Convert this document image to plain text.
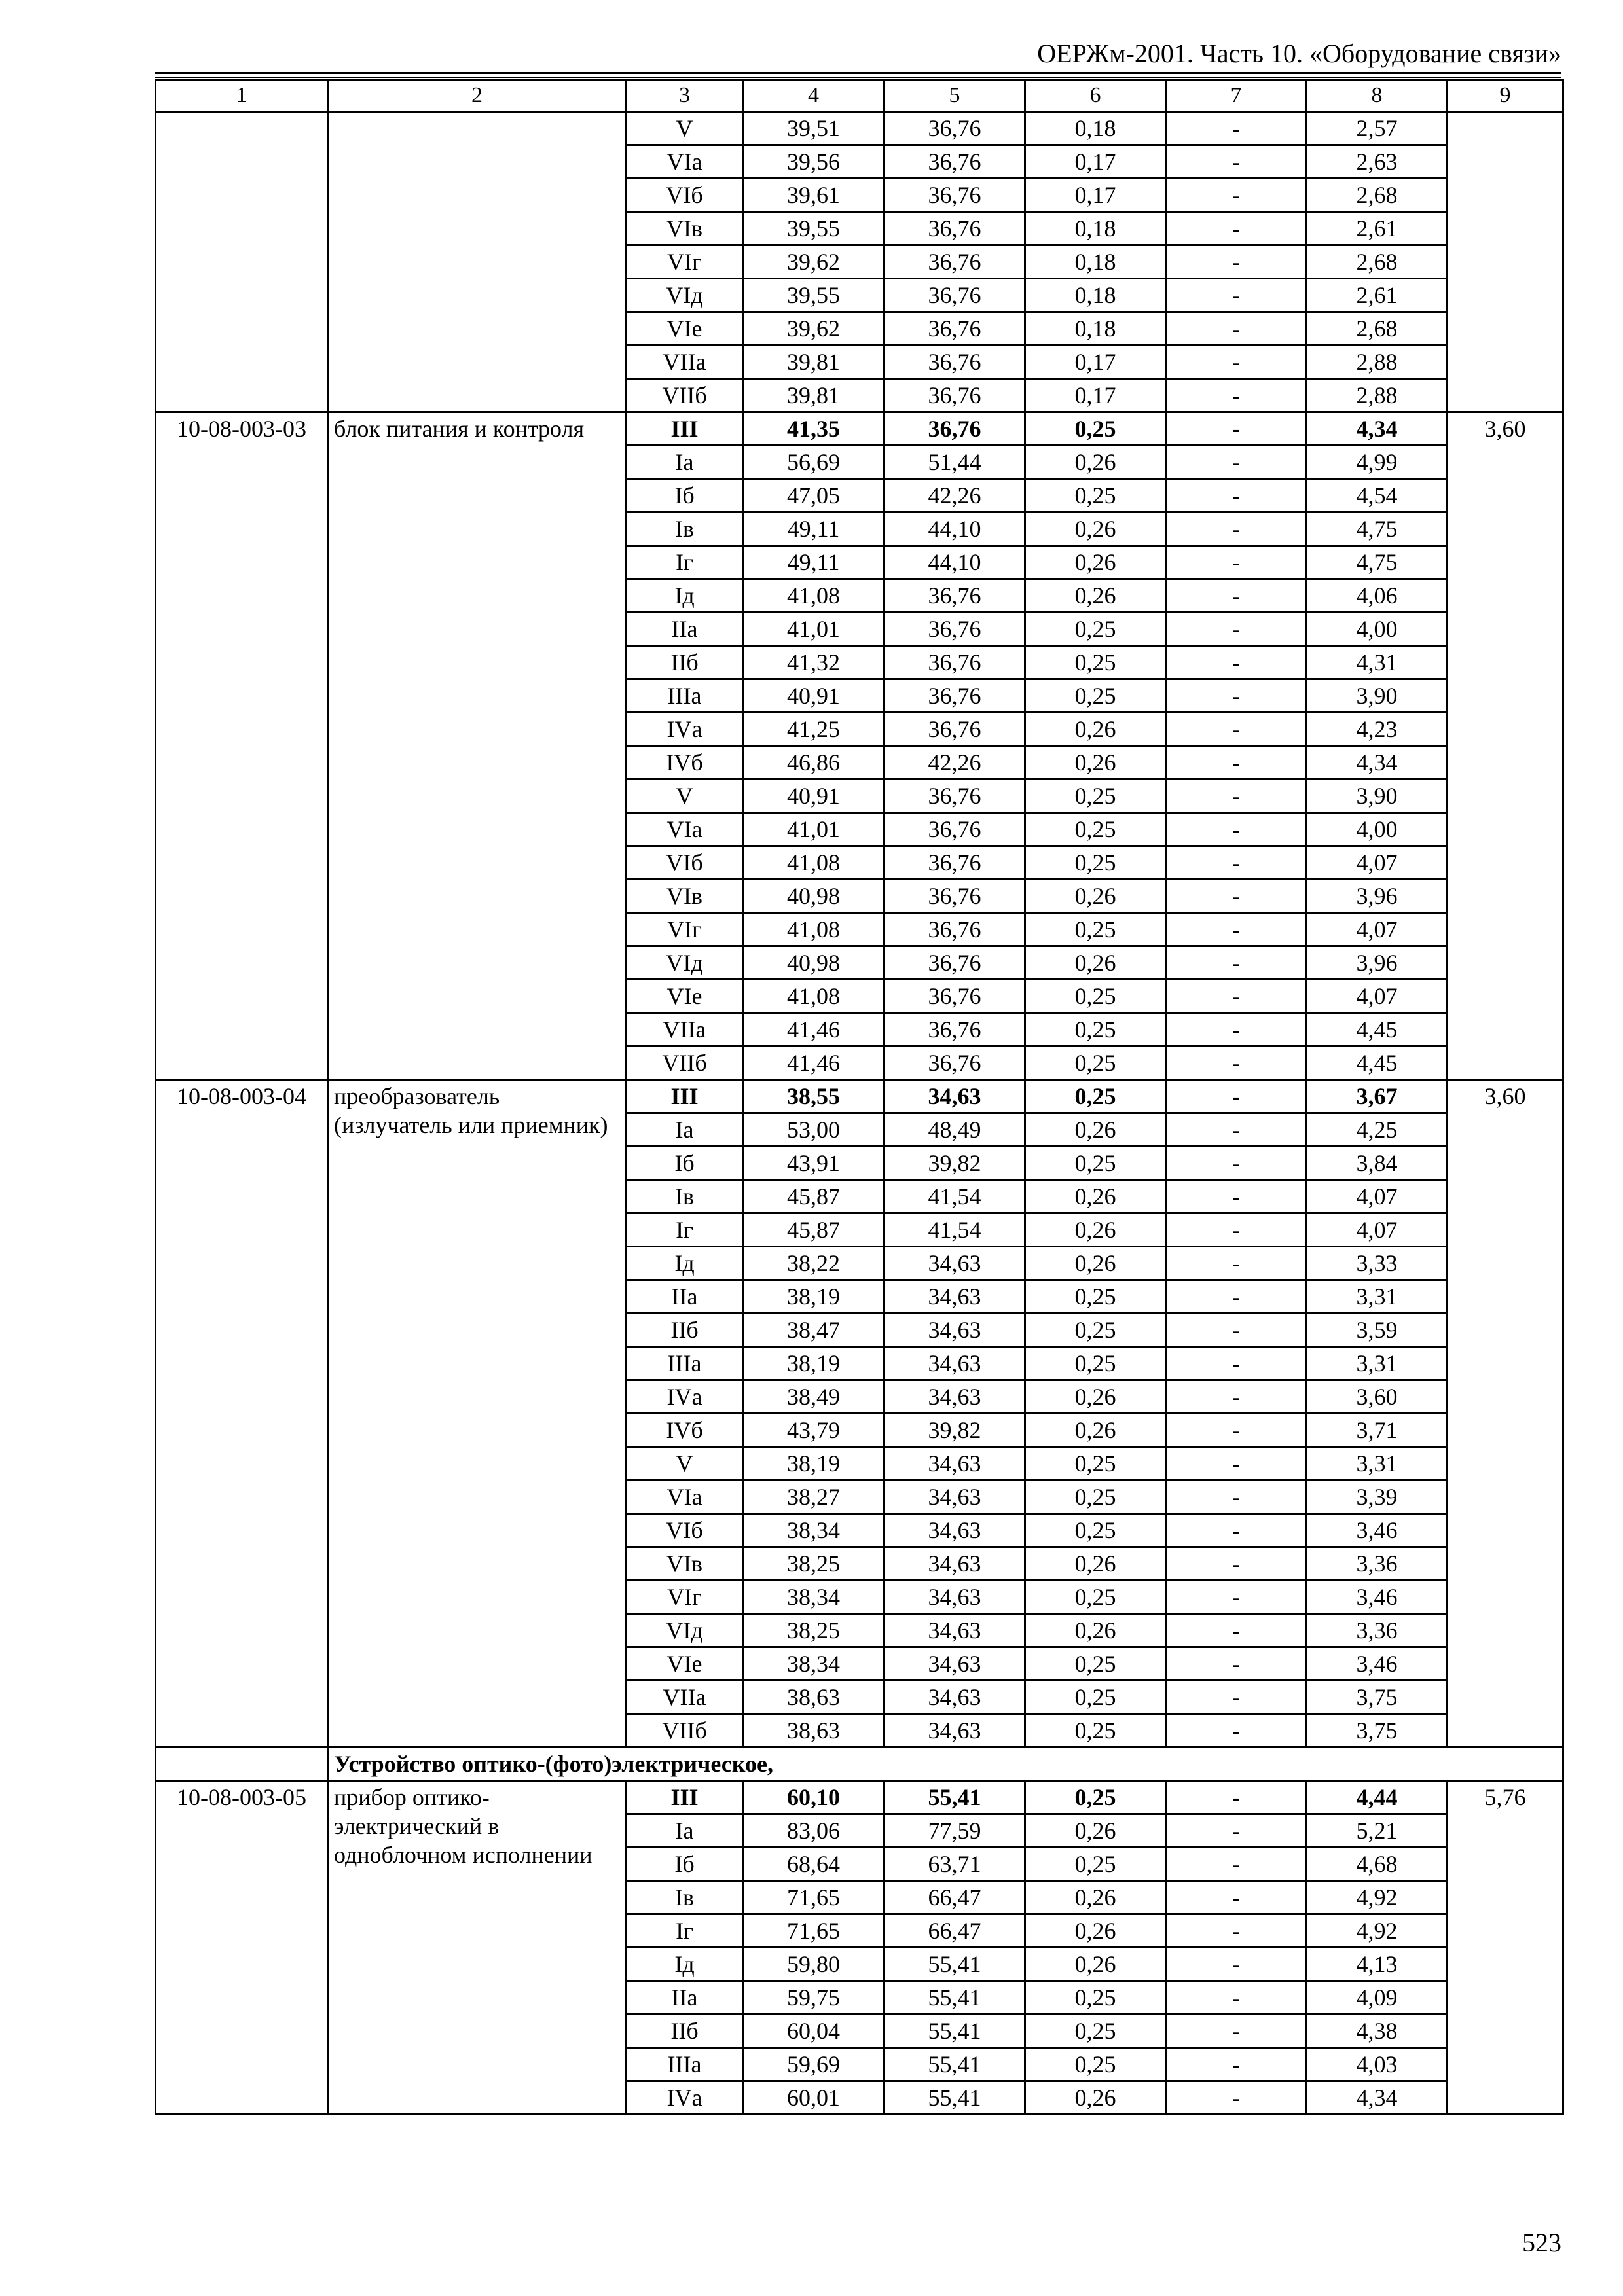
ОЕРЖм-2001. Часть 10. «Оборудование связи»
1	2	3	4	5	6	7	8	9
		V	39,51	36,76	0,18	-	2,57	
		VIа	39,56	36,76	0,17	-	2,63	
		VIб	39,61	36,76	0,17	-	2,68	
		VIв	39,55	36,76	0,18	-	2,61	
		VIг	39,62	36,76	0,18	-	2,68	
		VIд	39,55	36,76	0,18	-	2,61	
		VIе	39,62	36,76	0,18	-	2,68	
		VIIа	39,81	36,76	0,17	-	2,88	
		VIIб	39,81	36,76	0,17	-	2,88	
10-08-003-03	блок питания и контроля	III	41,35	36,76	0,25	-	4,34	3,60
		Iа	56,69	51,44	0,26	-	4,99	
		Iб	47,05	42,26	0,25	-	4,54	
		Iв	49,11	44,10	0,26	-	4,75	
		Iг	49,11	44,10	0,26	-	4,75	
		Iд	41,08	36,76	0,26	-	4,06	
		IIа	41,01	36,76	0,25	-	4,00	
		IIб	41,32	36,76	0,25	-	4,31	
		IIIа	40,91	36,76	0,25	-	3,90	
		IVа	41,25	36,76	0,26	-	4,23	
		IVб	46,86	42,26	0,26	-	4,34	
		V	40,91	36,76	0,25	-	3,90	
		VIа	41,01	36,76	0,25	-	4,00	
		VIб	41,08	36,76	0,25	-	4,07	
		VIв	40,98	36,76	0,26	-	3,96	
		VIг	41,08	36,76	0,25	-	4,07	
		VIд	40,98	36,76	0,26	-	3,96	
		VIе	41,08	36,76	0,25	-	4,07	
		VIIа	41,46	36,76	0,25	-	4,45	
		VIIб	41,46	36,76	0,25	-	4,45	
10-08-003-04	преобразователь (излучатель или приемник)	III	38,55	34,63	0,25	-	3,67	3,60
		Iа	53,00	48,49	0,26	-	4,25	
		Iб	43,91	39,82	0,25	-	3,84	
		Iв	45,87	41,54	0,26	-	4,07	
		Iг	45,87	41,54	0,26	-	4,07	
		Iд	38,22	34,63	0,26	-	3,33	
		IIа	38,19	34,63	0,25	-	3,31	
		IIб	38,47	34,63	0,25	-	3,59	
		IIIа	38,19	34,63	0,25	-	3,31	
		IVа	38,49	34,63	0,26	-	3,60	
		IVб	43,79	39,82	0,26	-	3,71	
		V	38,19	34,63	0,25	-	3,31	
		VIа	38,27	34,63	0,25	-	3,39	
		VIб	38,34	34,63	0,25	-	3,46	
		VIв	38,25	34,63	0,26	-	3,36	
		VIг	38,34	34,63	0,25	-	3,46	
		VIд	38,25	34,63	0,26	-	3,36	
		VIе	38,34	34,63	0,25	-	3,46	
		VIIа	38,63	34,63	0,25	-	3,75	
		VIIб	38,63	34,63	0,25	-	3,75	
	Устройство оптико-(фото)электрическое,							
10-08-003-05	прибор оптико-электрический в одноблочном исполнении	III	60,10	55,41	0,25	-	4,44	5,76
		Iа	83,06	77,59	0,26	-	5,21	
		Iб	68,64	63,71	0,25	-	4,68	
		Iв	71,65	66,47	0,26	-	4,92	
		Iг	71,65	66,47	0,26	-	4,92	
		Iд	59,80	55,41	0,26	-	4,13	
		IIа	59,75	55,41	0,25	-	4,09	
		IIб	60,04	55,41	0,25	-	4,38	
		IIIа	59,69	55,41	0,25	-	4,03	
		IVа	60,01	55,41	0,26	-	4,34	
523
